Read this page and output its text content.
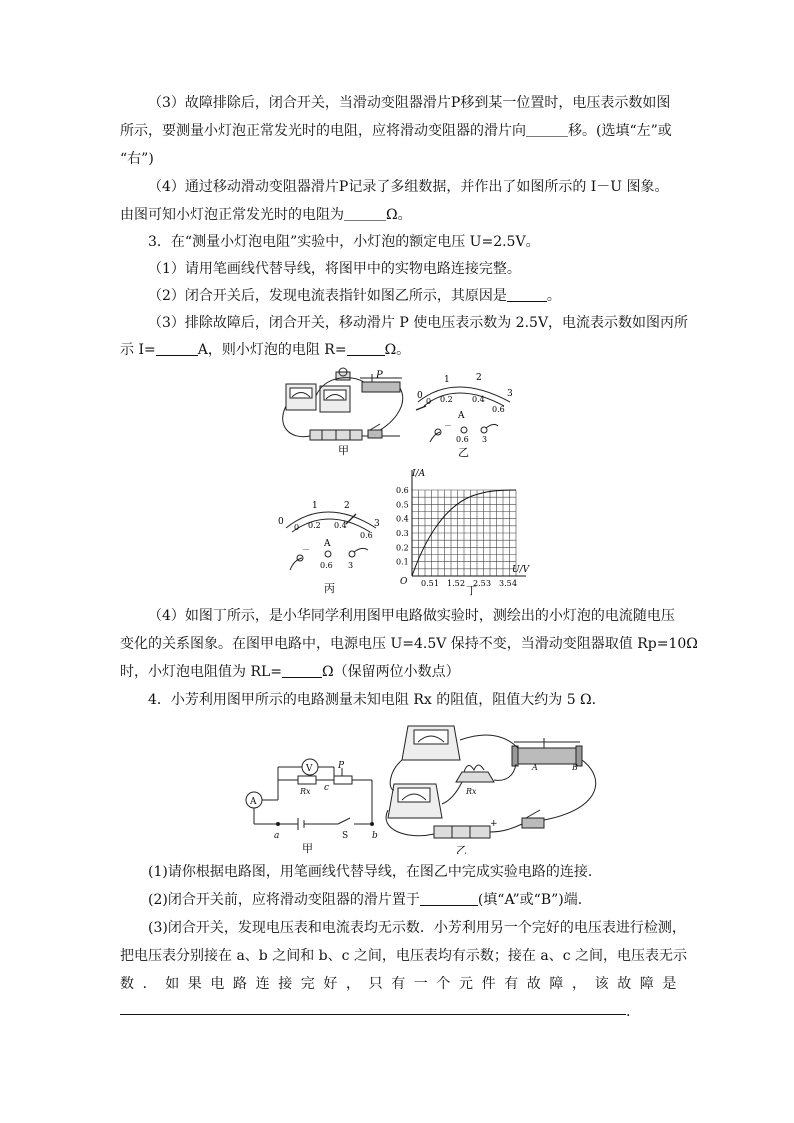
（3）故障排除后，闭合开关，当滑动变阻器滑片P移到某一位置时，电压表示数如图
所示，要测量小灯泡正常发光时的电阻，应将滑动变阻器的滑片向＿＿＿移。(选填“左”或
“右”)
（4）通过移动滑动变阻器滑片P记录了多组数据，并作出了如图所示的 I－U 图象。
由图可知小灯泡正常发光时的电阻为＿＿＿Ω。
3．在“测量小灯泡电阻”实验中，小灯泡的额定电压 U=2.5V。
（1）请用笔画线代替导线，将图甲中的实物电路连接完整。
（2）闭合开关后，发现电流表指针如图乙所示，其原因是	。
（3）排除故障后，闭合开关，移动滑片 P 使电压表示数为 2.5V，电流表示数如图丙所
示 I=	A，则小灯泡的电阻 R=	Ω。
P
0
1	2
3
0 0.2 0.4
0.6
A
－
0.6 3
甲	乙
0
1	2
3
0 0.2 0.4
0.6
A
－
0.6 3
丙
I/A
U/V
O
0.6
0.5
0.4
0.3
0.2
0.1
0.5 1 1.5 2 2.5 3 3.5 4
丁
（4）如图丁所示，是小华同学利用图甲电路做实验时，测绘出的小灯泡的电流随电压
变化的关系图象。在图甲电路中，电源电压 U=4.5V 保持不变，当滑动变阻器取值 Rp=10Ω
时，小灯泡电阻值为 RL=	Ω（保留两位小数点）
4．小芳利用图甲所示的电路测量未知电阻 Rx 的阻值，阻值大约为 5 Ω.
V
A
Rx c
P
a	S	b
甲
A	B
Rx
+
乙
(1)请你根据电路图，用笔画线代替导线，在图乙中完成实验电路的连接.
(2)闭合开关前，应将滑动变阻器的滑片置于	(填“A”或“B”)端.
(3)闭合开关，发现电压表和电流表均无示数．小芳利用另一个完好的电压表进行检测，
把电压表分别接在 a、b 之间和 b、c 之间，电压表均有示数；接在 a、c 之间，电压表无示
数．如果电路连接完好，只有一个元件有故障，该故障是
.
